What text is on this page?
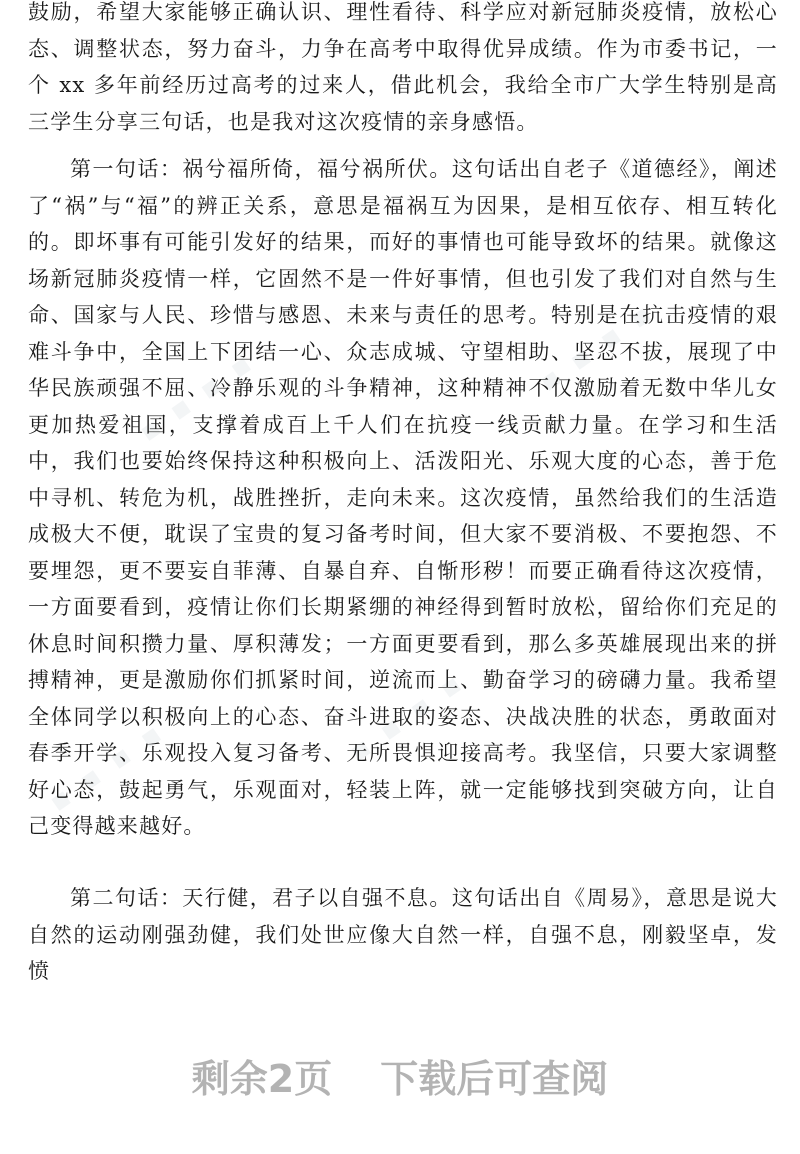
▪ ▪ ▪ ▪	▪ ▪ ▪ ▪
▪ ▪ ▪ ▪
▪ ▪ ▪ ▪

鼓励，希望大家能够正确认识、理性看待、科学应对新冠肺炎疫情，放松心态、调整状态，努力奋斗，力争在高考中取得优异成绩。作为市委书记，一个 xx 多年前经历过高考的过来人，借此机会，我给全市广大学生特别是高三学生分享三句话，也是我对这次疫情的亲身感悟。

第一句话：祸兮福所倚，福兮祸所伏。这句话出自老子《道德经》，阐述了“祸”与“福”的辨正关系，意思是福祸互为因果，是相互依存、相互转化的。即坏事有可能引发好的结果，而好的事情也可能导致坏的结果。就像这场新冠肺炎疫情一样，它固然不是一件好事情，但也引发了我们对自然与生命、国家与人民、珍惜与感恩、未来与责任的思考。特别是在抗击疫情的艰难斗争中，全国上下团结一心、众志成城、守望相助、坚忍不拔，展现了中华民族顽强不屈、冷静乐观的斗争精神，这种精神不仅激励着无数中华儿女更加热爱祖国，支撑着成百上千人们在抗疫一线贡献力量。在学习和生活中，我们也要始终保持这种积极向上、活泼阳光、乐观大度的心态，善于危中寻机、转危为机，战胜挫折，走向未来。这次疫情，虽然给我们的生活造成极大不便，耽误了宝贵的复习备考时间，但大家不要消极、不要抱怨、不要埋怨，更不要妄自菲薄、自暴自弃、自惭形秽！而要正确看待这次疫情，一方面要看到，疫情让你们长期紧绷的神经得到暂时放松，留给你们充足的休息时间积攒力量、厚积薄发；一方面更要看到，那么多英雄展现出来的拼搏精神，更是激励你们抓紧时间，逆流而上、勤奋学习的磅礴力量。我希望全体同学以积极向上的心态、奋斗进取的姿态、决战决胜的状态，勇敢面对春季开学、乐观投入复习备考、无所畏惧迎接高考。我坚信，只要大家调整好心态，鼓起勇气，乐观面对，轻装上阵，就一定能够找到突破方向，让自己变得越来越好。

第二句话：天行健，君子以自强不息。这句话出自《周易》，意思是说大自然的运动刚强劲健，我们处世应像大自然一样，自强不息，刚毅坚卓，发愤

剩余2页 下载后可查阅
